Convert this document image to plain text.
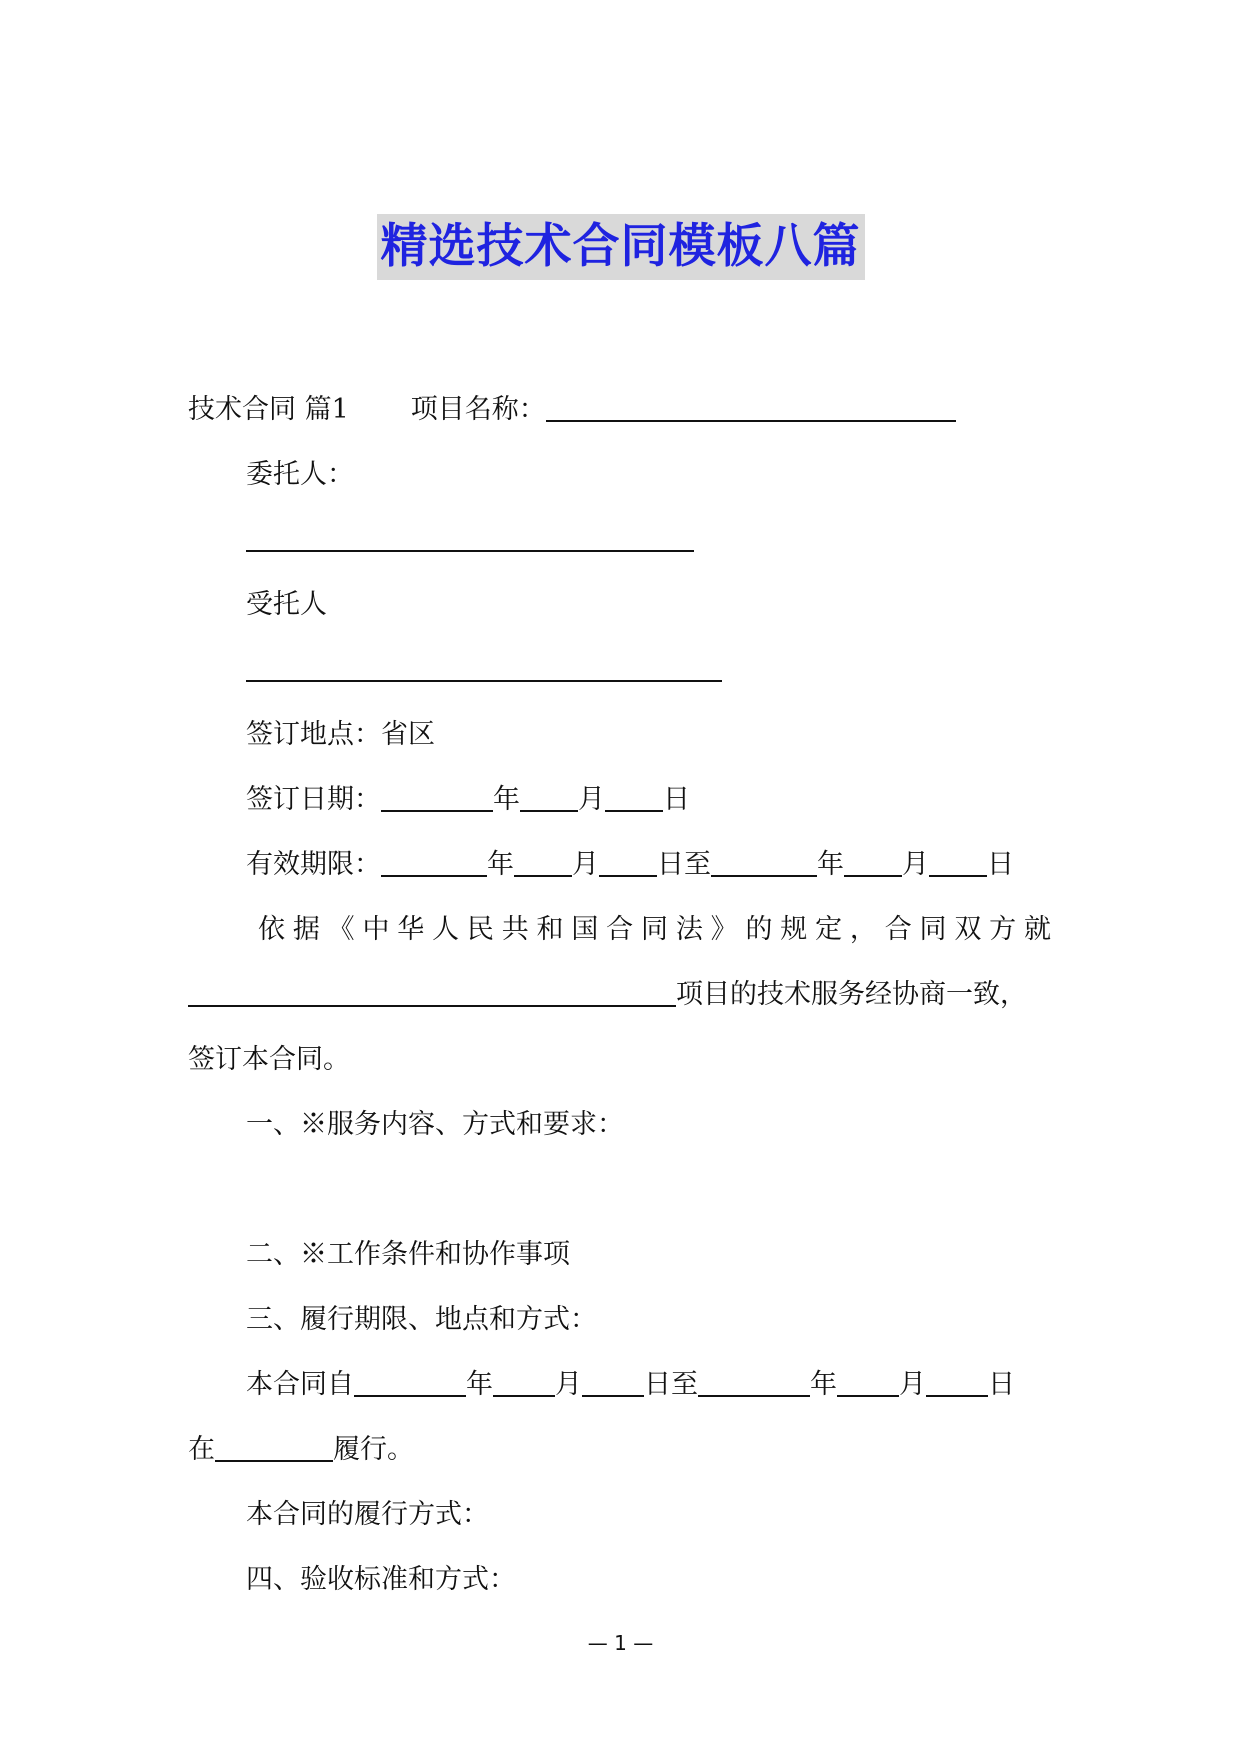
精选技术合同模板八篇
技术合同 篇1 项目名称：
委托人：
受托人
签订地点：省区
签订日期：	年 月 日
有效期限：	年 月 日至	年 月 日
依据《中华人民共和国合同法》的规定，合同双方就
项目的技术服务经协商一致，
签订本合同。
一、※服务内容、方式和要求：
二、※工作条件和协作事项
三、履行期限、地点和方式：
本合同自	年 月 日至	年 月 日
在	履行。
本合同的履行方式：
四、验收标准和方式：
— 1 —
